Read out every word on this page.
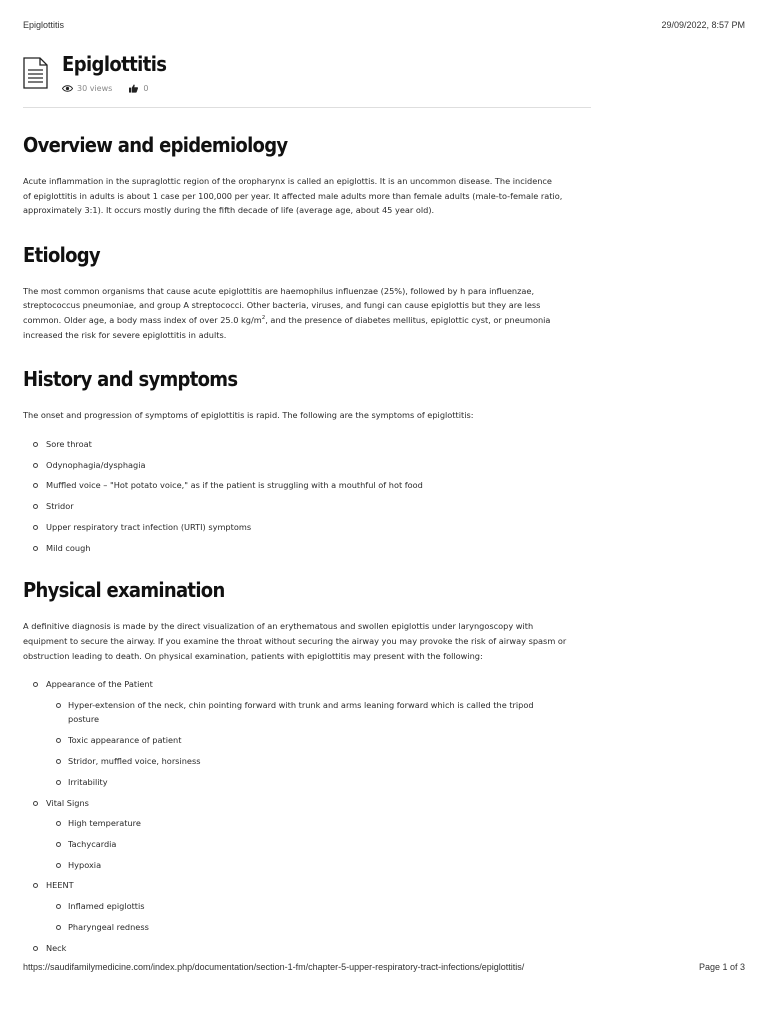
Epiglottitis	29/09/2022, 8:57 PM
Epiglottitis
30 views	0
Overview and epidemiology

Acute inflammation in the supraglottic region of the oropharynx is called an epiglottis. It is an uncommon disease. The incidence
of epiglottitis in adults is about 1 case per 100,000 per year. It affected male adults more than female adults (male-to-female ratio,
approximately 3:1). It occurs mostly during the fifth decade of life (average age, about 45 year old).

Etiology

The most common organisms that cause acute epiglottitis are haemophilus influenzae (25%), followed by h para influenzae,
streptococcus pneumoniae, and group A streptococci. Other bacteria, viruses, and fungi can cause epiglottis but they are less
common. Older age, a body mass index of over 25.0 $kg/m^2$, and the presence of diabetes mellitus, epiglottic cyst, or pneumonia
increased the risk for severe epiglottitis in adults.

History and symptoms

The onset and progression of symptoms of epiglottitis is rapid. The following are the symptoms of epiglottitis:

Sore throat
Odynophagia/dysphagia
Muffled voice – "Hot potato voice," as if the patient is struggling with a mouthful of hot food
Stridor
Upper respiratory tract infection (URTI) symptoms
Mild cough
Physical examination

A definitive diagnosis is made by the direct visualization of an erythematous and swollen epiglottis under laryngoscopy with
equipment to secure the airway. If you examine the throat without securing the airway you may provoke the risk of airway spasm or
obstruction leading to death. On physical examination, patients with epiglottitis may present with the following:

Appearance of the Patient
Hyper-extension of the neck, chin pointing forward with trunk and arms leaning forward which is called the tripod
posture
Toxic appearance of patient
Stridor, muffled voice, horsiness
Irritability
Vital Signs
High temperature
Tachycardia
Hypoxia
HEENT
Inflamed epiglottis
Pharyngeal redness
Neck
https://saudifamilymedicine.com/index.php/documentation/section-1-fm/chapter-5-upper-respiratory-tract-infections/epiglottitis/	Page 1 of 3
